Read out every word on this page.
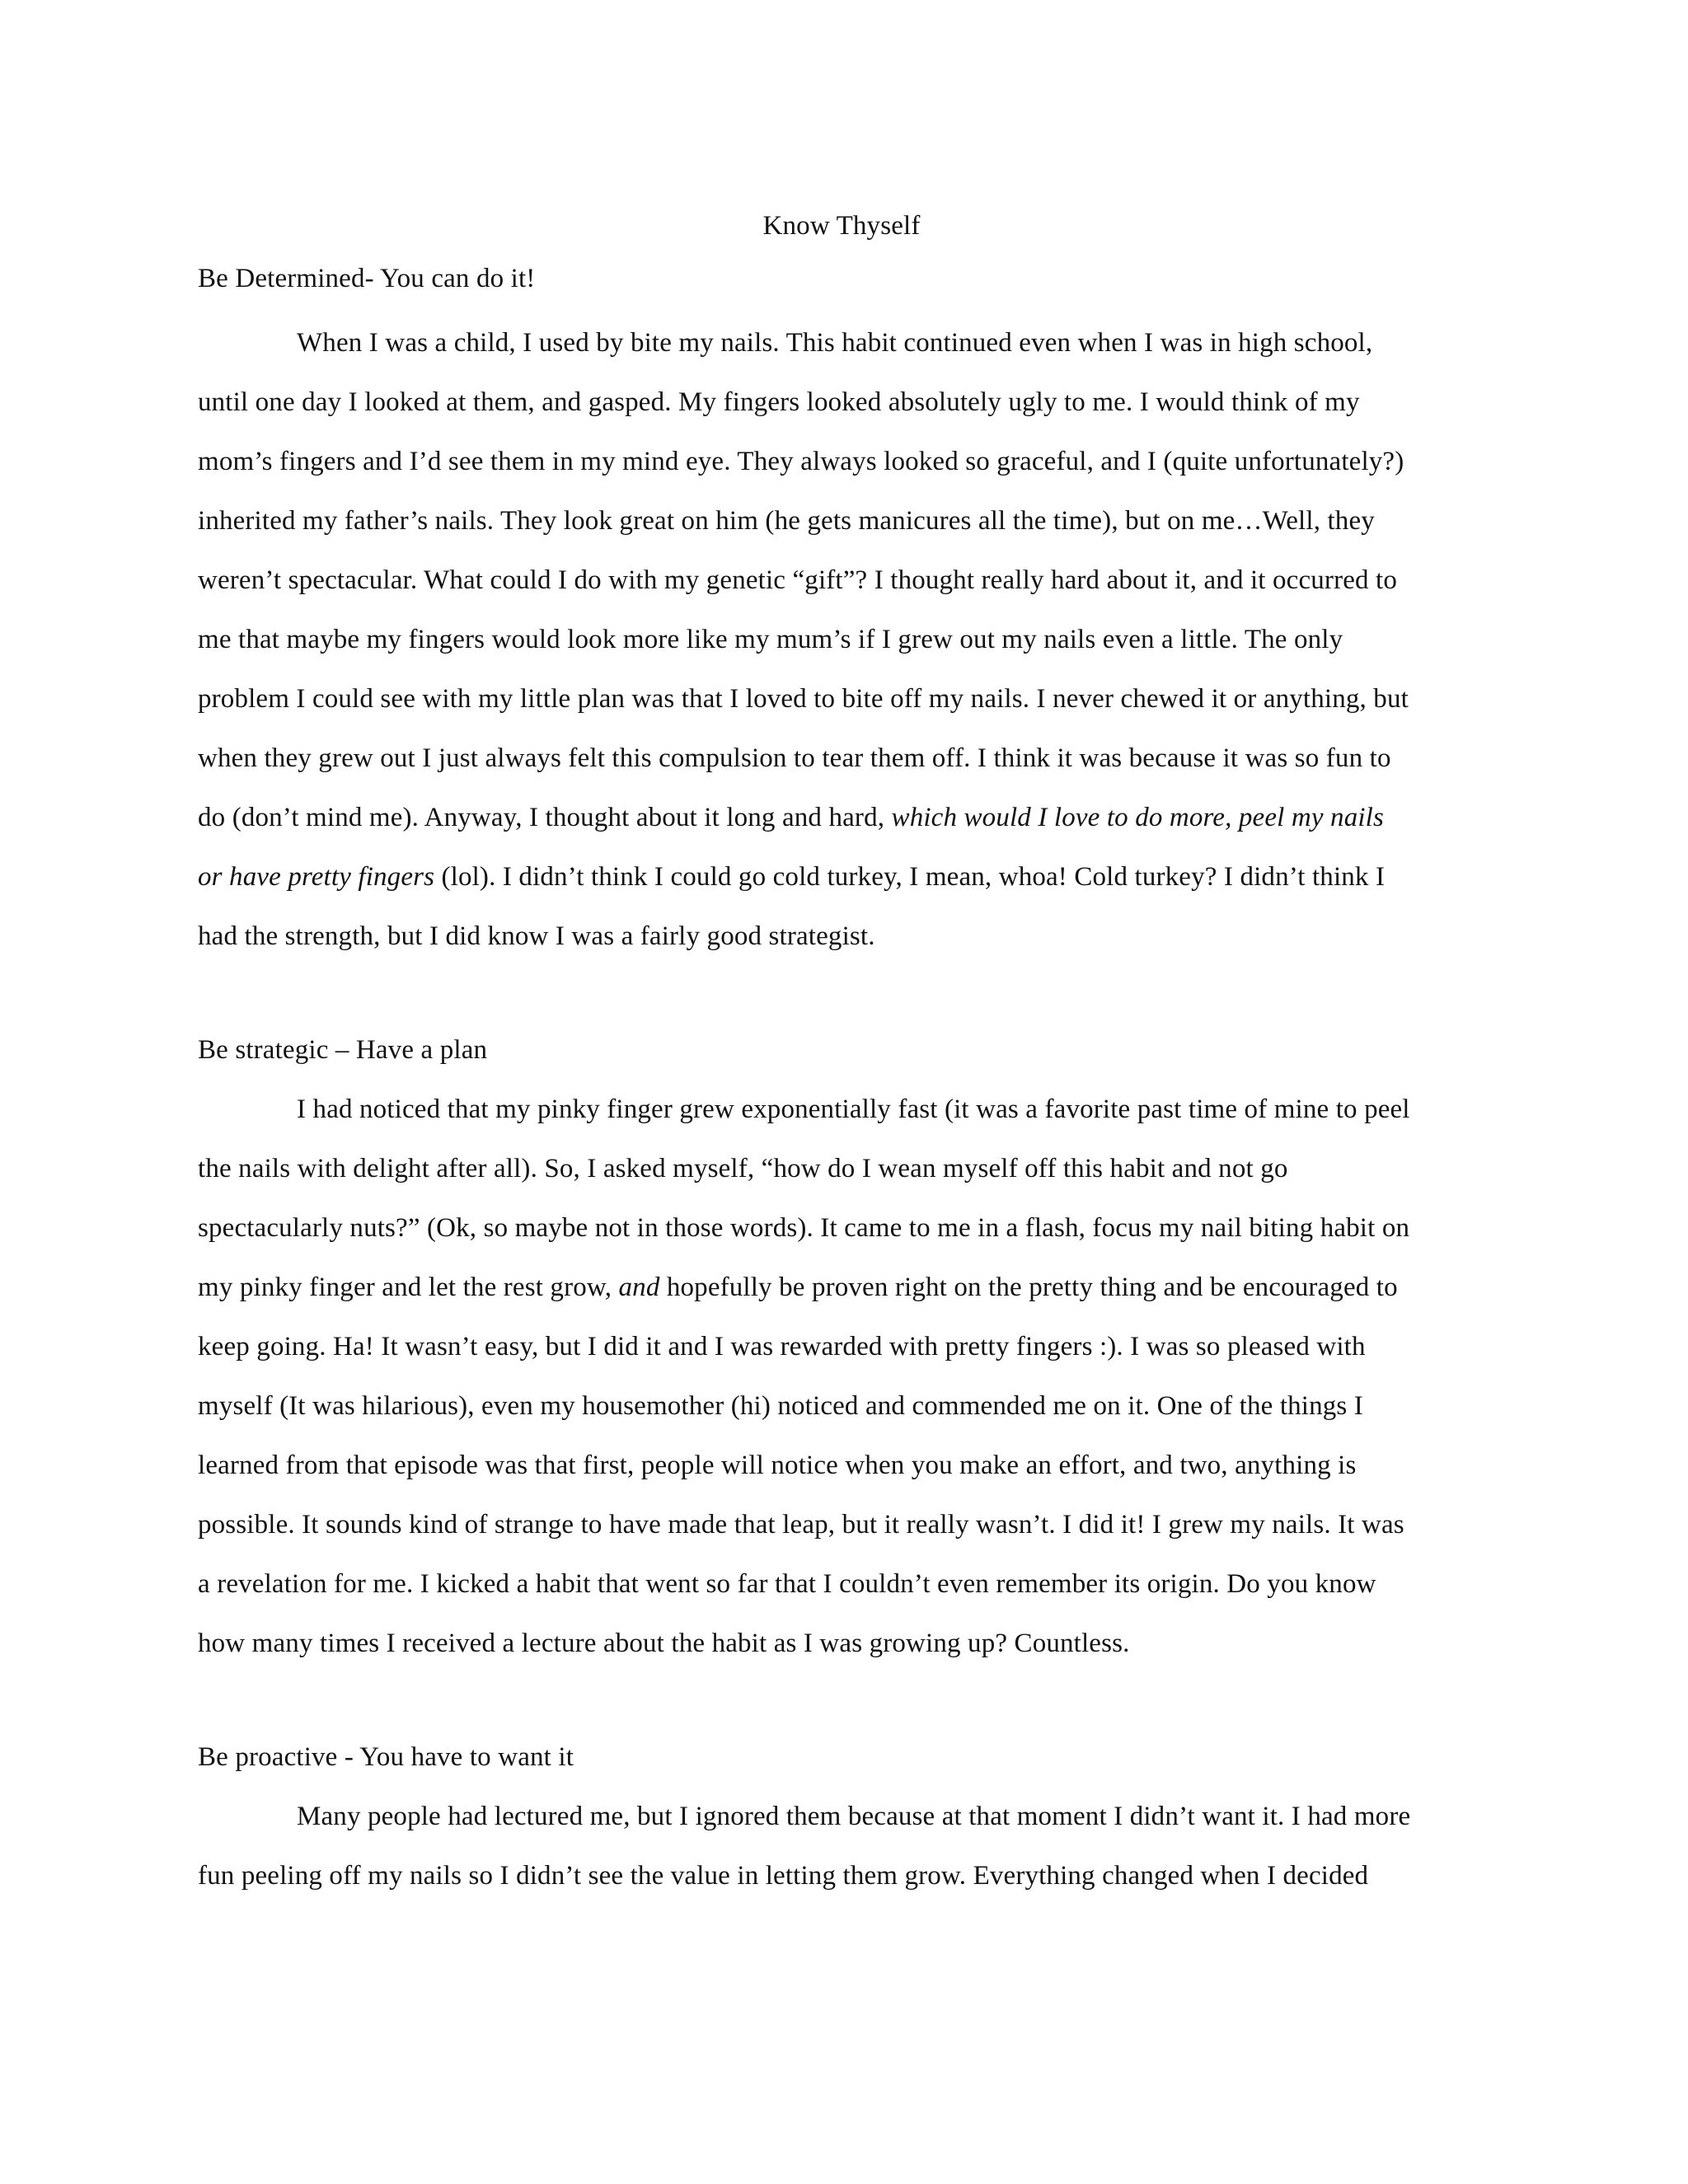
Know Thyself
Be Determined- You can do it!
When I was a child, I used by bite my nails. This habit continued even when I was in high school,
until one day I looked at them, and gasped. My fingers looked absolutely ugly to me. I would think of my
mom’s fingers and I’d see them in my mind eye. They always looked so graceful, and I (quite unfortunately?)
inherited my father’s nails. They look great on him (he gets manicures all the time), but on me…Well, they
weren’t spectacular. What could I do with my genetic “gift”? I thought really hard about it, and it occurred to
me that maybe my fingers would look more like my mum’s if I grew out my nails even a little. The only
problem I could see with my little plan was that I loved to bite off my nails. I never chewed it or anything, but
when they grew out I just always felt this compulsion to tear them off. I think it was because it was so fun to
do (don’t mind me). Anyway, I thought about it long and hard, which would I love to do more, peel my nails
or have pretty fingers (lol). I didn’t think I could go cold turkey, I mean, whoa! Cold turkey? I didn’t think I
had the strength, but I did know I was a fairly good strategist.
Be strategic – Have a plan
I had noticed that my pinky finger grew exponentially fast (it was a favorite past time of mine to peel
the nails with delight after all). So, I asked myself, “how do I wean myself off this habit and not go
spectacularly nuts?” (Ok, so maybe not in those words). It came to me in a flash, focus my nail biting habit on
my pinky finger and let the rest grow, and hopefully be proven right on the pretty thing and be encouraged to
keep going. Ha! It wasn’t easy, but I did it and I was rewarded with pretty fingers :). I was so pleased with
myself (It was hilarious), even my housemother (hi) noticed and commended me on it. One of the things I
learned from that episode was that first, people will notice when you make an effort, and two, anything is
possible. It sounds kind of strange to have made that leap, but it really wasn’t. I did it! I grew my nails. It was
a revelation for me. I kicked a habit that went so far that I couldn’t even remember its origin. Do you know
how many times I received a lecture about the habit as I was growing up? Countless.
Be proactive - You have to want it
Many people had lectured me, but I ignored them because at that moment I didn’t want it. I had more
fun peeling off my nails so I didn’t see the value in letting them grow. Everything changed when I decided
